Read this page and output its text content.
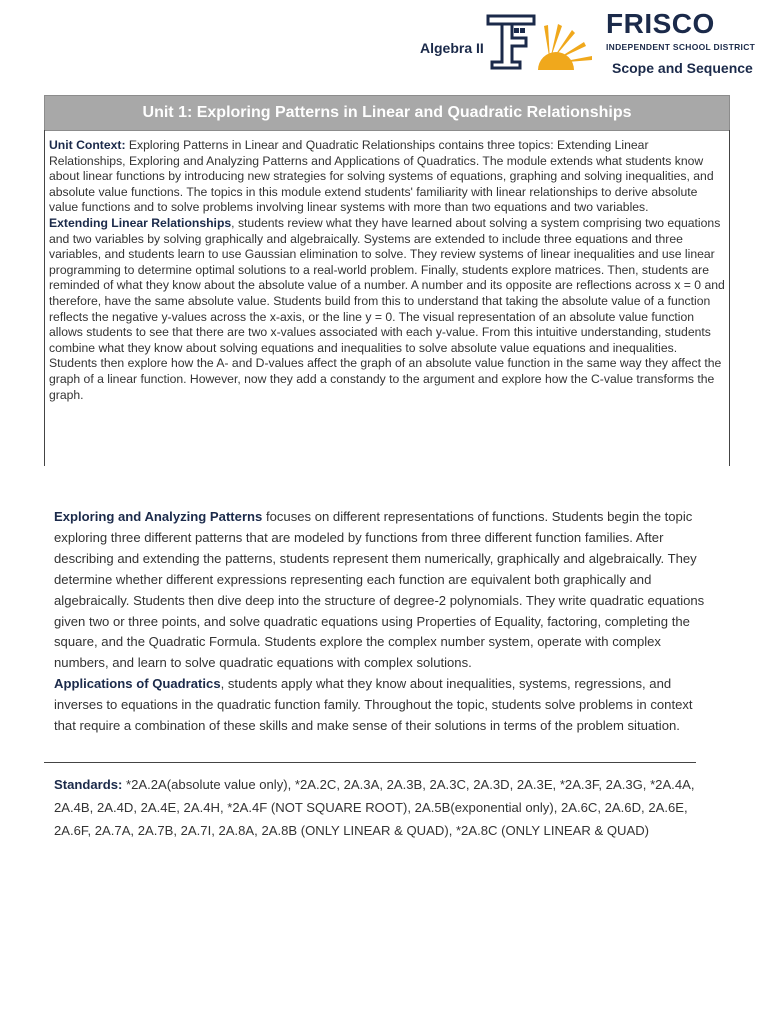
Algebra II
FRISCO
INDEPENDENT SCHOOL DISTRICT
Scope and Sequence
Unit 1: Exploring Patterns in Linear and Quadratic Relationships
Unit Context: Exploring Patterns in Linear and Quadratic Relationships contains three topics: Extending Linear Relationships, Exploring and Analyzing Patterns and Applications of Quadratics. The module extends what students know about linear functions by introducing new strategies for solving systems of equations, graphing and solving inequalities, and absolute value functions. The topics in this module extend students' familiarity with linear relationships to derive absolute value functions and to solve problems involving linear systems with more than two equations and two variables.
Extending Linear Relationships, students review what they have learned about solving a system comprising two equations and two variables by solving graphically and algebraically. Systems are extended to include three equations and three variables, and students learn to use Gaussian elimination to solve. They review systems of linear inequalities and use linear programming to determine optimal solutions to a real-world problem. Finally, students explore matrices. Then, students are reminded of what they know about the absolute value of a number. A number and its opposite are reflections across x = 0 and therefore, have the same absolute value. Students build from this to understand that taking the absolute value of a function reflects the negative y-values across the x-axis, or the line y = 0. The visual representation of an absolute value function allows students to see that there are two x-values associated with each y-value. From this intuitive understanding, students combine what they know about solving equations and inequalities to solve absolute value equations and inequalities. Students then explore how the A- and D-values affect the graph of an absolute value function in the same way they affect the graph of a linear function. However, now they add a constandy to the argument and explore how the C-value transforms the graph.
Exploring and Analyzing Patterns focuses on different representations of functions. Students begin the topic exploring three different patterns that are modeled by functions from three different function families. After describing and extending the patterns, students represent them numerically, graphically and algebraically. They determine whether different expressions representing each function are equivalent both graphically and algebraically. Students then dive deep into the structure of degree-2 polynomials. They write quadratic equations given two or three points, and solve quadratic equations using Properties of Equality, factoring, completing the square, and the Quadratic Formula. Students explore the complex number system, operate with complex numbers, and learn to solve quadratic equations with complex solutions.
Applications of Quadratics, students apply what they know about inequalities, systems, regressions, and inverses to equations in the quadratic function family. Throughout the topic, students solve problems in context that require a combination of these skills and make sense of their solutions in terms of the problem situation.
Standards: *2A.2A(absolute value only), *2A.2C, 2A.3A, 2A.3B, 2A.3C, 2A.3D, 2A.3E, *2A.3F, 2A.3G, *2A.4A, 2A.4B, 2A.4D, 2A.4E, 2A.4H, *2A.4F (NOT SQUARE ROOT), 2A.5B(exponential only), 2A.6C, 2A.6D, 2A.6E, 2A.6F, 2A.7A, 2A.7B, 2A.7I, 2A.8A, 2A.8B (ONLY LINEAR & QUAD), *2A.8C (ONLY LINEAR & QUAD)
